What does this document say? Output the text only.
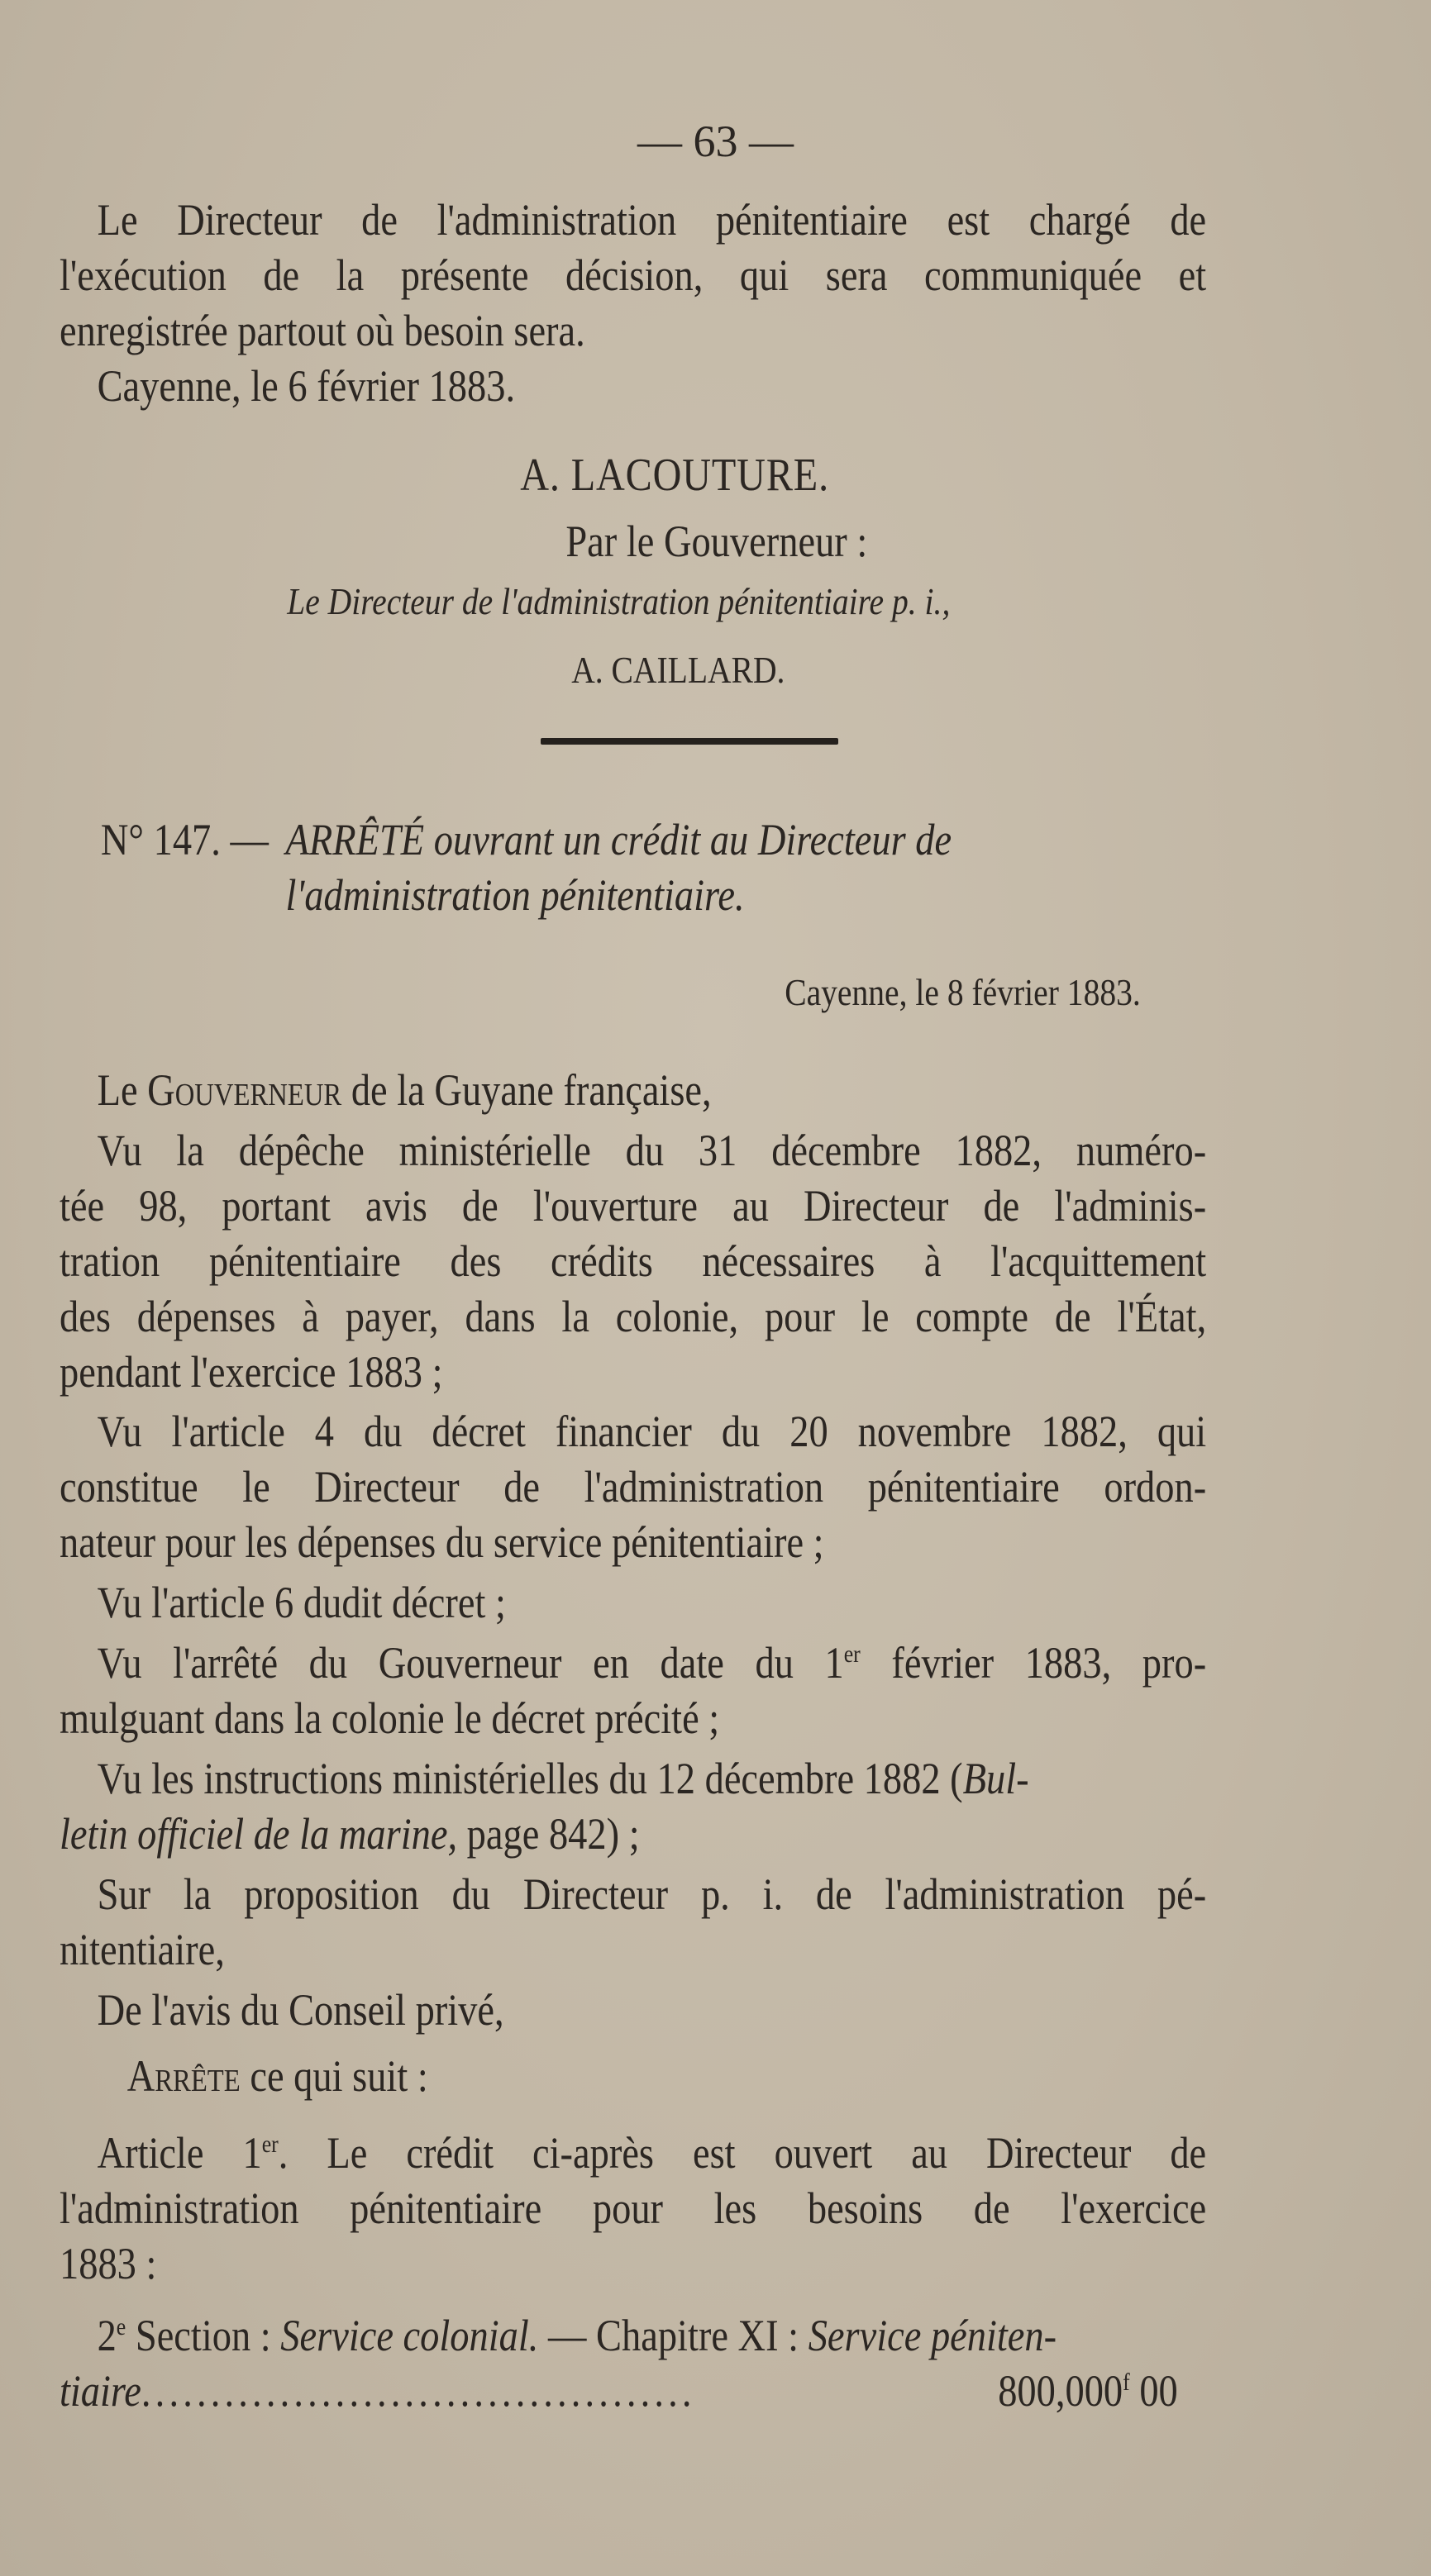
— 63 —
Le Directeur de l'administration pénitentiaire est chargé de
l'exécution de la présente décision, qui sera communiquée et
enregistrée partout où besoin sera.
Cayenne, le 6 février 1883.
A. LACOUTURE.
Par le Gouverneur :
Le Directeur de l'administration pénitentiaire p. i.,
A. CAILLARD.
N° 147. — ARRÊTÉ ouvrant un crédit au Directeur de
l'administration pénitentiaire.
Cayenne, le 8 février 1883.
Le Gouverneur de la Guyane française,
Vu la dépêche ministérielle du 31 décembre 1882, numéro-
tée 98, portant avis de l'ouverture au Directeur de l'adminis-
tration pénitentiaire des crédits nécessaires à l'acquittement
des dépenses à payer, dans la colonie, pour le compte de l'État,
pendant l'exercice 1883 ;
Vu l'article 4 du décret financier du 20 novembre 1882, qui
constitue le Directeur de l'administration pénitentiaire ordon-
nateur pour les dépenses du service pénitentiaire ;
Vu l'article 6 dudit décret ;
Vu l'arrêté du Gouverneur en date du 1er février 1883, pro-
mulguant dans la colonie le décret précité ;
Vu les instructions ministérielles du 12 décembre 1882 (Bul-
letin officiel de la marine, page 842) ;
Sur la proposition du Directeur p. i. de l'administration pé-
nitentiaire,
De l'avis du Conseil privé,
Arrête ce qui suit :
Article 1er. Le crédit ci-après est ouvert au Directeur de
l'administration pénitentiaire pour les besoins de l'exercice
1883 :
2e Section : Service colonial. — Chapitre XI : Service péniten-
tiaire........................................	800,000$^f$ 00
